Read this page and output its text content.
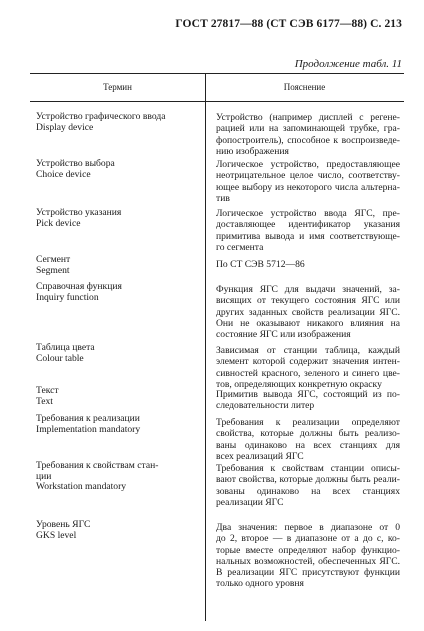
ГОСТ 27817—88 (СТ СЭВ 6177—88) С. 213
Продолжение табл. 11
Термин	Пояснение
Устройство графического ввода
Display device
Устройство (например дисплей с регене-
рацией или на запоминающей трубке, гра-
фопостроитель), способное к воспроизведе-
нию изображения
Устройство выбора
Choice device
Логическое устройство, предоставляющее
неотрицательное целое число, соответству-
ющее выбору из некоторого числа альтерна-
тив
Устройство указания
Pick device
Логическое устройство ввода ЯГС, пре-
доставляющее идентификатор указания
примитива вывода и имя соответствующе-
го сегмента
Сегмент
Segment	По СТ СЭВ 5712—86
Справочная функция
Inquiry function
Функция ЯГС для выдачи значений, за-
висящих от текущего состояния ЯГС или
других заданных свойств реализации ЯГС.
Они не оказывают никакого влияния на
состояние ЯГС или изображения
Таблица цвета
Colour table
Зависимая от станции таблица, каждый
элемент которой содержит значения интен-
сивностей красного, зеленого и синего цве-
тов, определяющих конкретную окраску
Текст
Text
Примитив вывода ЯГС, состоящий из по-
следовательности литер
Требования к реализации
Implementation mandatory
Требования к реализации определяют
свойства, которые должны быть реализо-
ваны одинаково на всех станциях для
всех реализаций ЯГС
Требования к свойствам стан-
ции
Workstation mandatory
Требования к свойствам станции описы-
вают свойства, которые должны быть реали-
зованы одинаково на всех станциях
реализации ЯГС
Уровень ЯГС
GKS level
Два значения: первое в диапазоне от 0
до 2, второе — в диапазоне от а до с, ко-
торые вместе определяют набор функцио-
нальных возможностей, обеспеченных ЯГС.
В реализации ЯГС присутствуют функции
только одного уровня
